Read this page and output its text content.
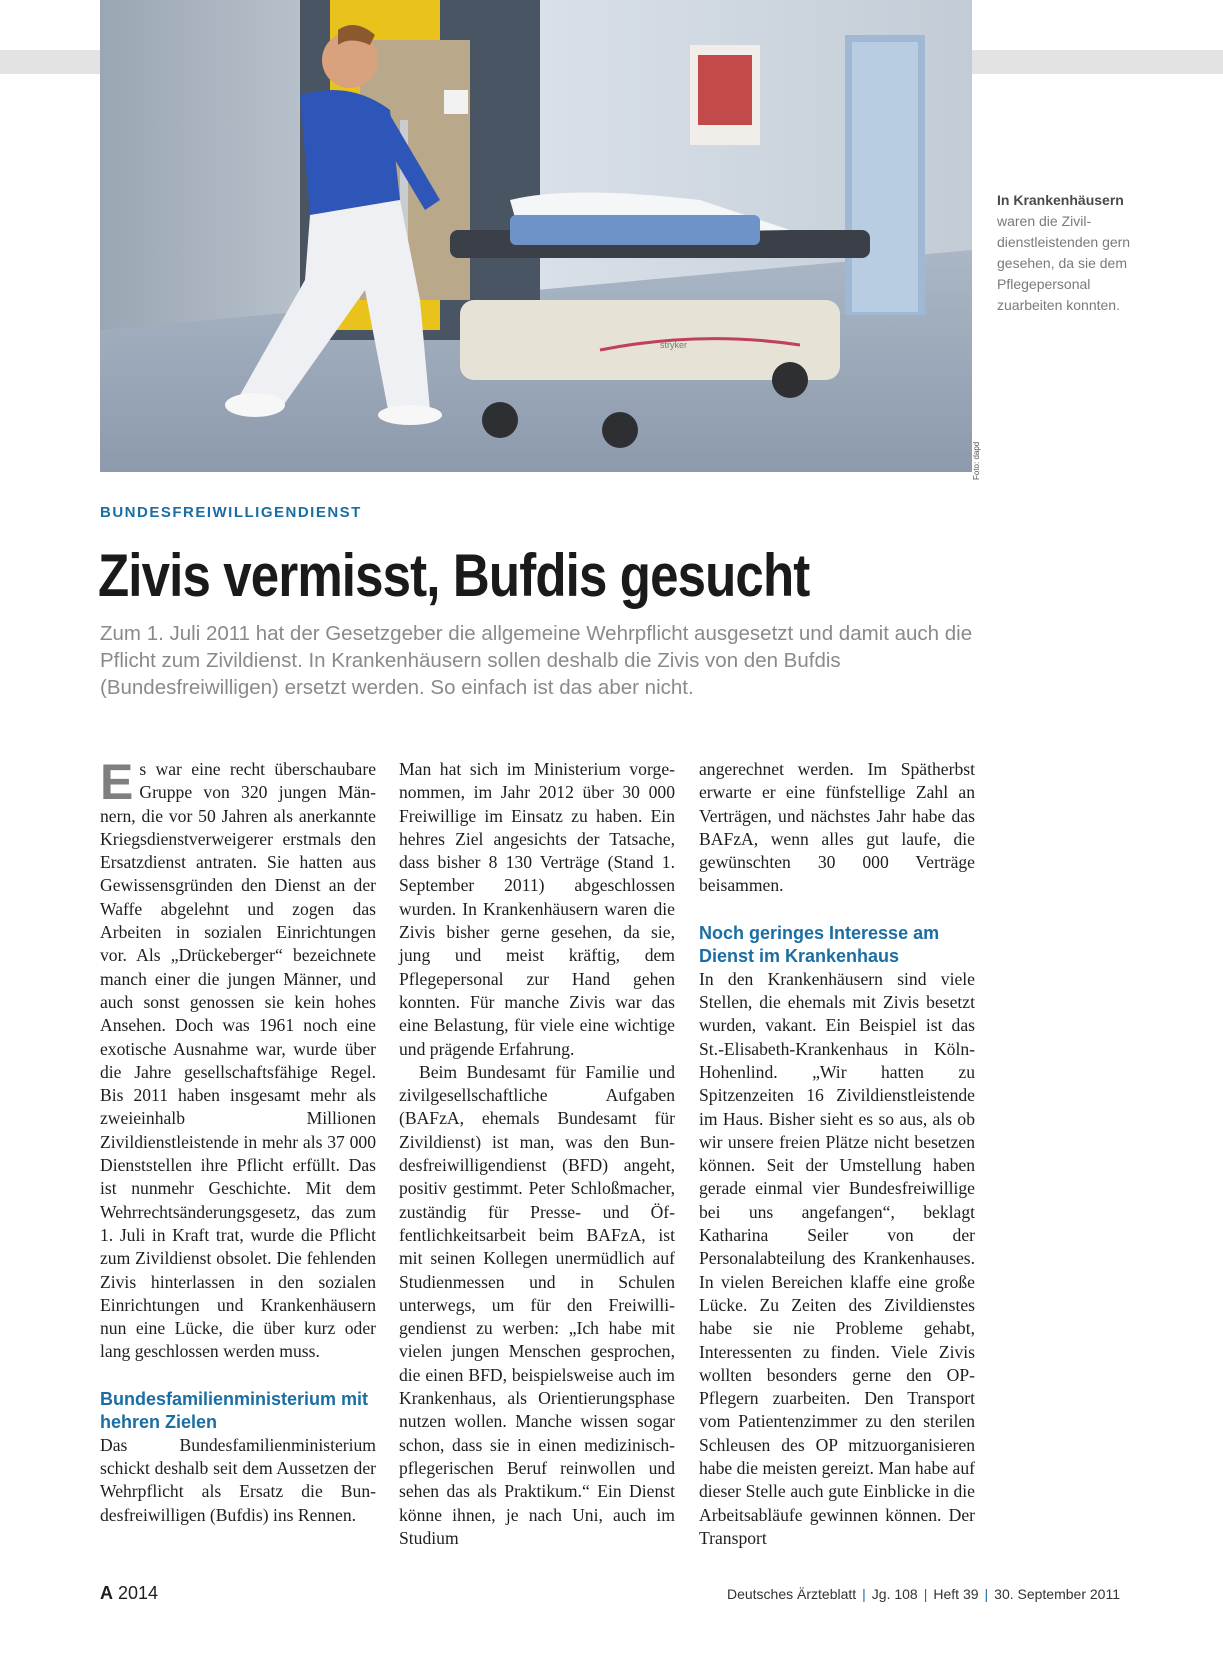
stryker
Foto: dapd
In Krankenhäusern
waren die Zivildienstleistenden gern gesehen, da sie dem Pflegepersonal zuarbeiten konnten.
BUNDESFREIWILLIGENDIENST
Zivis vermisst, Bufdis gesucht
Zum 1. Juli 2011 hat der Gesetzgeber die allgemeine Wehrpflicht ausgesetzt und damit auch die Pflicht zum Zivildienst. In Krankenhäusern sollen deshalb die Zivis von den Bufdis (Bundesfreiwilligen) ersetzt werden. So einfach ist das aber nicht.

Es war eine recht überschaubare Gruppe von 320 jungen Männern, die vor 50 Jahren als anerkannte Kriegsdienstverweigerer erstmals den Ersatzdienst antraten. Sie hatten aus Gewissensgründen den Dienst an der Waffe abgelehnt und zogen das Arbeiten in sozialen Einrichtungen vor. Als „Drückeberger“ bezeichnete manch einer die jungen Männer, und auch sonst genossen sie kein hohes Ansehen. Doch was 1961 noch eine exotische Ausnahme war, wurde über die Jahre gesellschaftsfähige Regel. Bis 2011 haben insgesamt mehr als zweieinhalb Millionen Zivildienstleistende in mehr als 37 000 Dienststellen ihre Pflicht erfüllt. Das ist nunmehr Geschichte. Mit dem Wehrrechtsänderungsgesetz, das zum 1. Juli in Kraft trat, wurde die Pflicht zum Zivildienst obsolet. Die fehlenden Zivis hinterlassen in den sozialen Einrichtungen und Krankenhäusern nun eine Lücke, die über kurz oder lang geschlossen werden muss.

Bundesfamilienministerium mit hehren Zielen

Das Bundesfamilienministerium schickt deshalb seit dem Aussetzen der Wehrpflicht als Ersatz die Bundesfreiwilligen (Bufdis) ins Rennen.

Man hat sich im Ministerium vorgenommen, im Jahr 2012 über 30 000 Freiwillige im Einsatz zu haben. Ein hehres Ziel angesichts der Tatsache, dass bisher 8 130 Verträge (Stand 1. September 2011) abgeschlossen wurden. In Krankenhäusern waren die Zivis bisher gerne gesehen, da sie, jung und meist kräftig, dem Pflegepersonal zur Hand gehen konnten. Für manche Zivis war das eine Belastung, für viele eine wichtige und prägende Erfahrung.

Beim Bundesamt für Familie und zivilgesellschaftliche Aufgaben (BAFzA, ehemals Bundesamt für Zivildienst) ist man, was den Bundesfreiwilligendienst (BFD) angeht, positiv gestimmt. Peter Schloßmacher, zuständig für Presse- und Öffentlichkeitsarbeit beim BAFzA, ist mit seinen Kollegen unermüdlich auf Studienmessen und in Schulen unterwegs, um für den Freiwilligendienst zu werben: „Ich habe mit vielen jungen Menschen gesprochen, die einen BFD, beispielsweise auch im Krankenhaus, als Orientierungsphase nutzen wollen. Manche wissen sogar schon, dass sie in einen medizinisch-pflegerischen Beruf reinwollen und sehen das als Praktikum.“ Ein Dienst könne ihnen, je nach Uni, auch im Studium

angerechnet werden. Im Spätherbst erwarte er eine fünfstellige Zahl an Verträgen, und nächstes Jahr habe das BAFzA, wenn alles gut laufe, die gewünschten 30 000 Verträge beisammen.

Noch geringes Interesse am Dienst im Krankenhaus

In den Krankenhäusern sind viele Stellen, die ehemals mit Zivis besetzt wurden, vakant. Ein Beispiel ist das St.-Elisabeth-Krankenhaus in Köln-Hohenlind. „Wir hatten zu Spitzenzeiten 16 Zivildienstleistende im Haus. Bisher sieht es so aus, als ob wir unsere freien Plätze nicht besetzen können. Seit der Umstellung haben gerade einmal vier Bundesfreiwillige bei uns angefangen“, beklagt Katharina Seiler von der Personalabteilung des Krankenhauses. In vielen Bereichen klaffe eine große Lücke. Zu Zeiten des Zivildienstes habe sie nie Probleme gehabt, Interessenten zu finden. Viele Zivis wollten besonders gerne den OP-Pflegern zuarbeiten. Den Transport vom Patientenzimmer zu den sterilen Schleusen des OP mitzuorganisieren habe die meisten gereizt. Man habe auf dieser Stelle auch gute Einblicke in die Arbeitsabläufe gewinnen können. Der Transport

A 2014	Deutsches Ärzteblatt | Jg. 108 | Heft 39 | 30. September 2011
